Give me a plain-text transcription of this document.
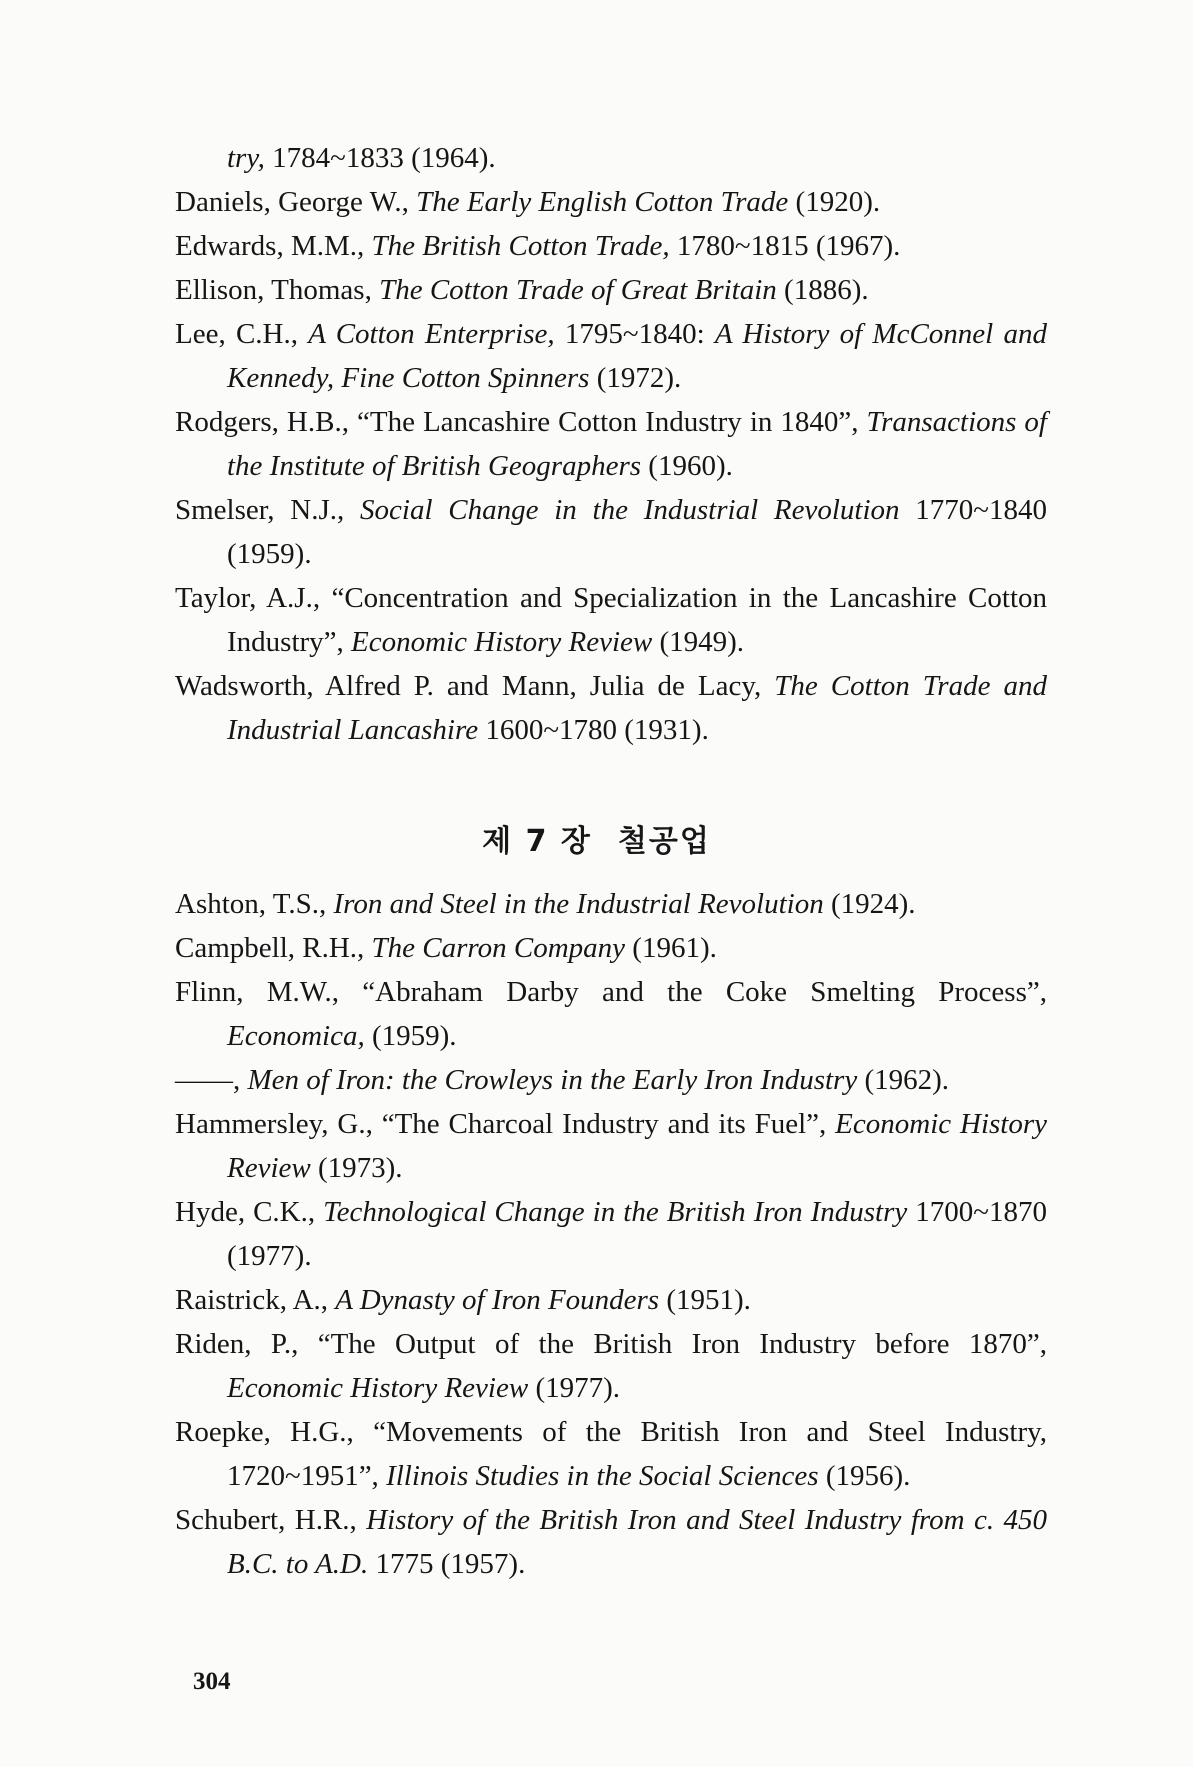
try, 1784~1833 (1964).
Daniels, George W., The Early English Cotton Trade (1920).
Edwards, M.M., The British Cotton Trade, 1780~1815 (1967).
Ellison, Thomas, The Cotton Trade of Great Britain (1886).
Lee, C.H., A Cotton Enterprise, 1795~1840: A History of McConnel and Kennedy, Fine Cotton Spinners (1972).
Rodgers, H.B., “The Lancashire Cotton Industry in 1840”, Transactions of the Institute of British Geographers (1960).
Smelser, N.J., Social Change in the Industrial Revolution 1770~1840 (1959).
Taylor, A.J., “Concentration and Specialization in the Lancashire Cotton Industry”, Economic History Review (1949).
Wadsworth, Alfred P. and Mann, Julia de Lacy, The Cotton Trade and Industrial Lancashire 1600~1780 (1931).
제 7 장 철공업
Ashton, T.S., Iron and Steel in the Industrial Revolution (1924).
Campbell, R.H., The Carron Company (1961).
Flinn, M.W., “Abraham Darby and the Coke Smelting Process”, Economica, (1959).
——, Men of Iron: the Crowleys in the Early Iron Industry (1962).
Hammersley, G., “The Charcoal Industry and its Fuel”, Economic History Review (1973).
Hyde, C.K., Technological Change in the British Iron Industry 1700~1870 (1977).
Raistrick, A., A Dynasty of Iron Founders (1951).
Riden, P., “The Output of the British Iron Industry before 1870”, Economic History Review (1977).
Roepke, H.G., “Movements of the British Iron and Steel Industry, 1720~1951”, Illinois Studies in the Social Sciences (1956).
Schubert, H.R., History of the British Iron and Steel Industry from c. 450 B.C. to A.D. 1775 (1957).
304
